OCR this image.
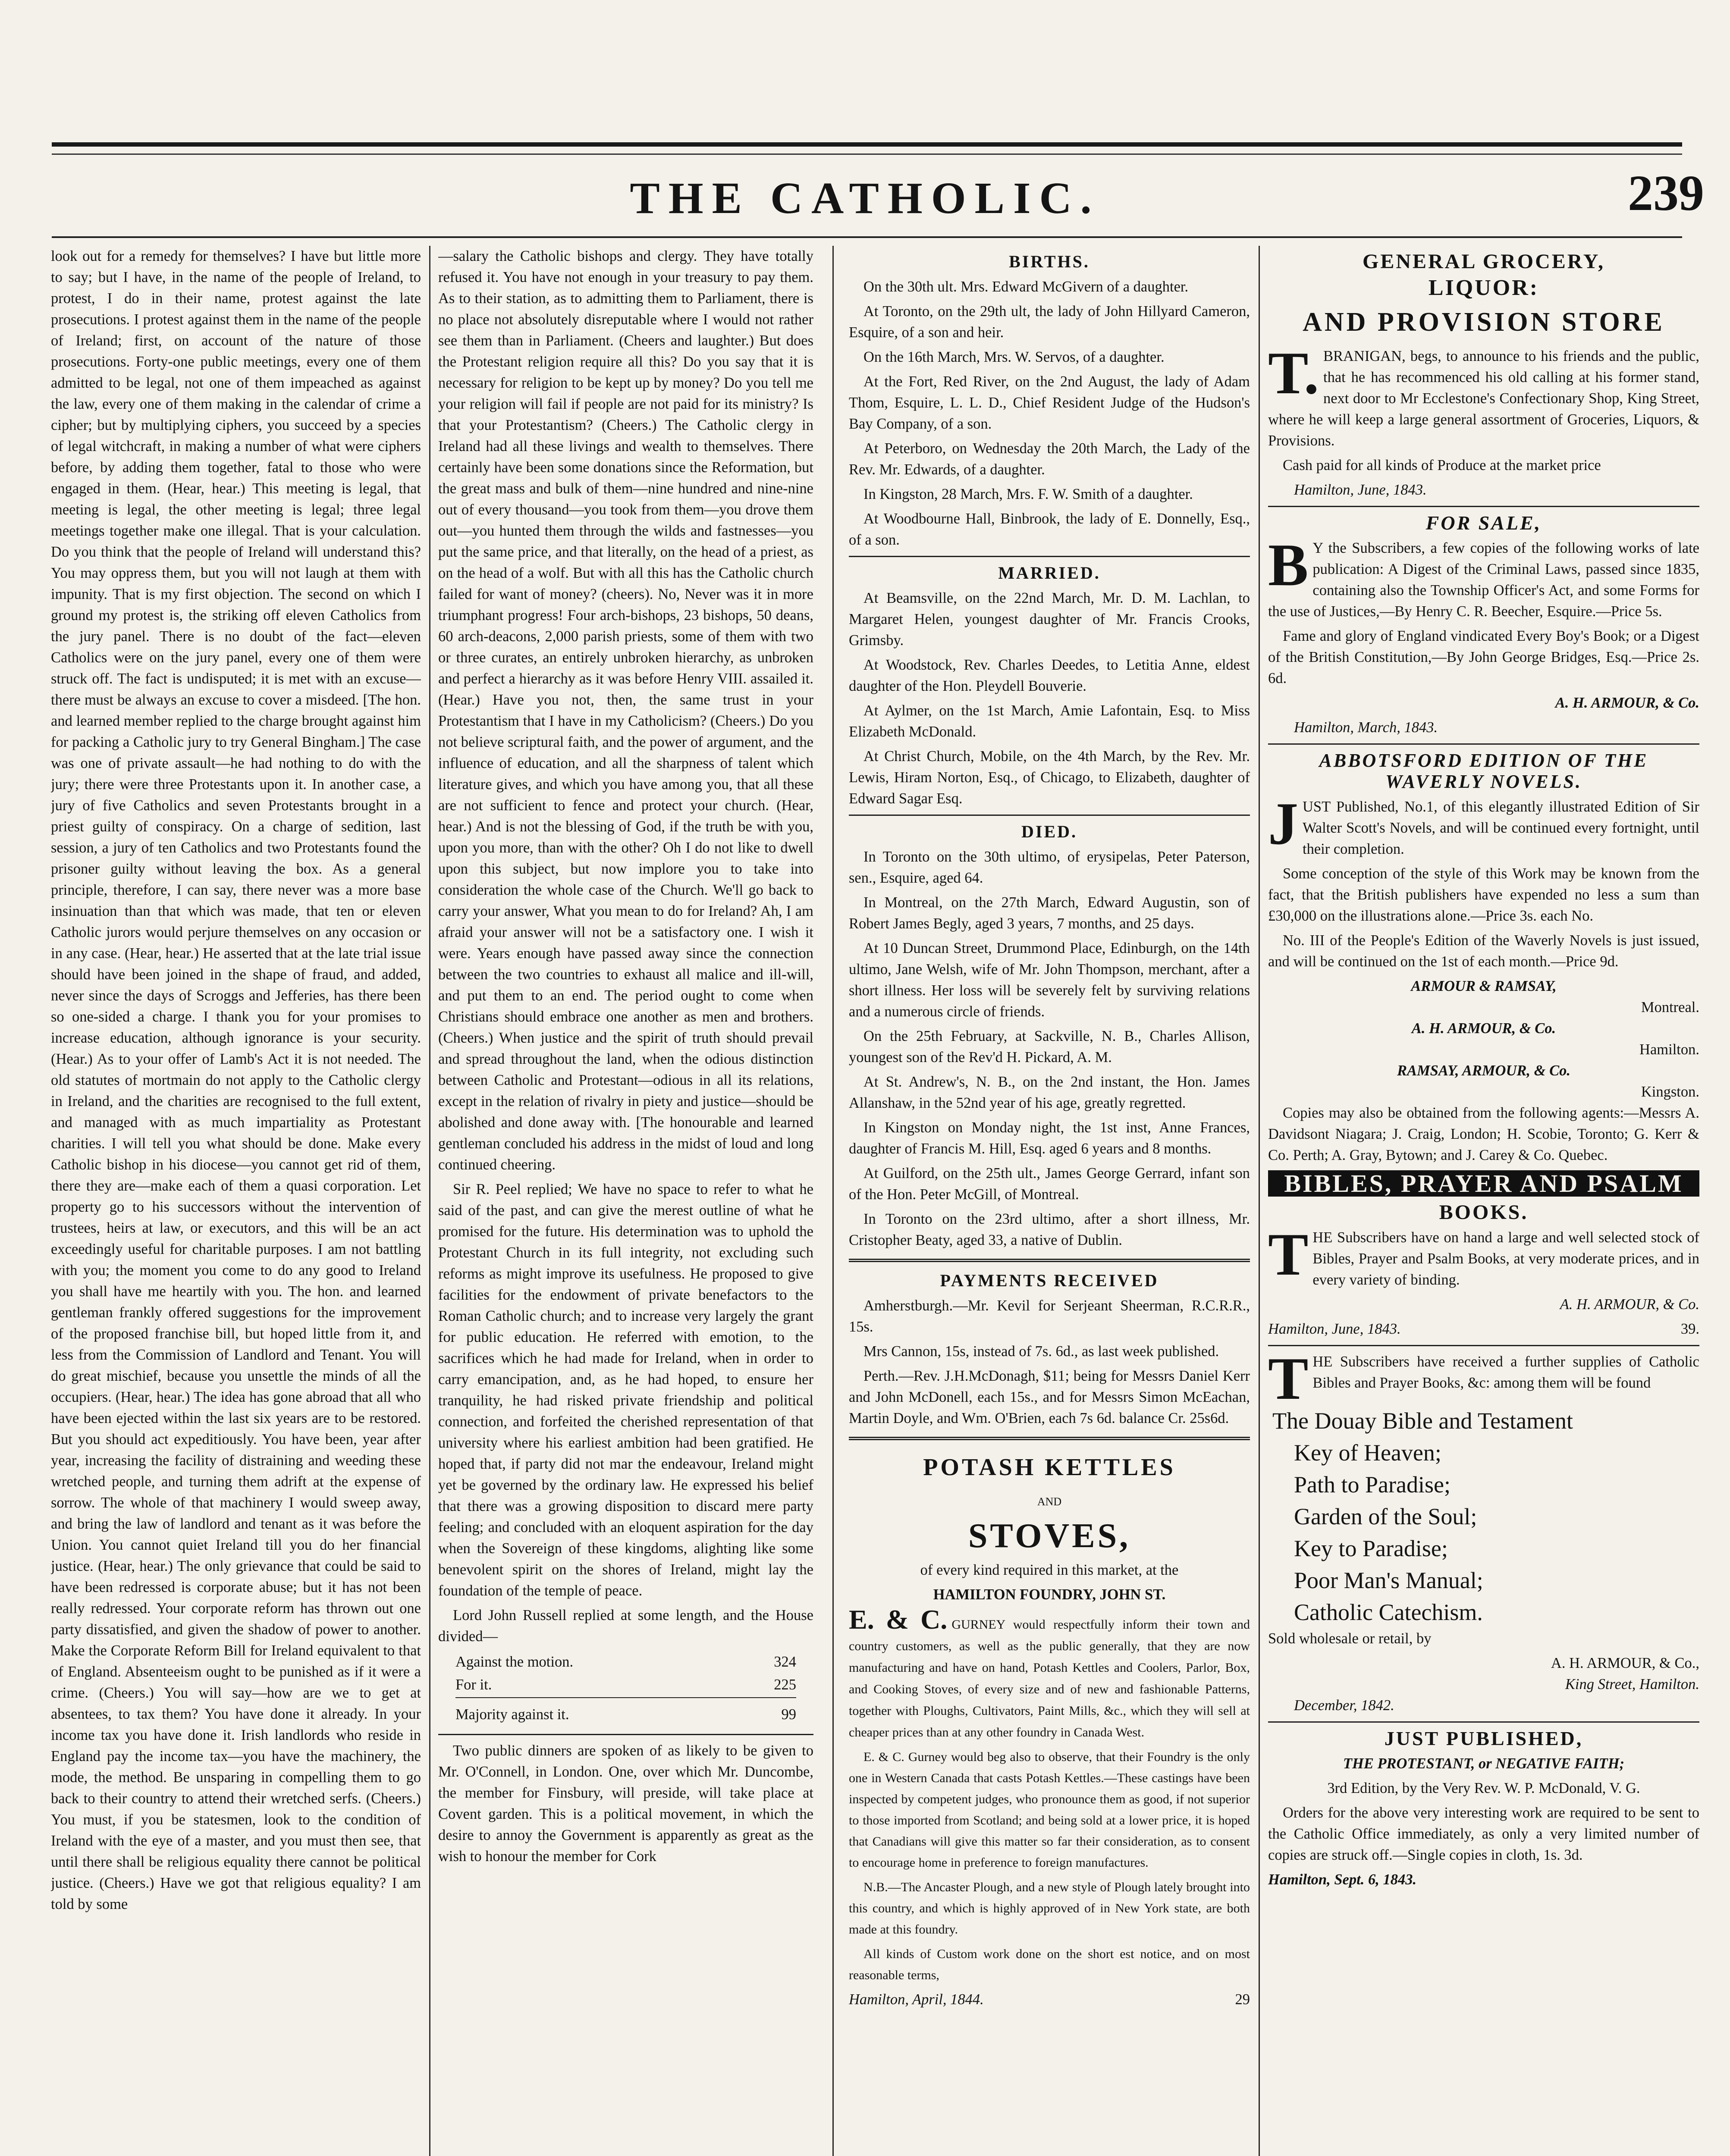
THE CATHOLIC.	239

look out for a remedy for themselves? I have but little more to say; but I have, in the name of the people of Ireland, to protest, I do in their name, protest against the late prosecutions. I protest against them in the name of the people of Ireland; first, on account of the nature of those prosecutions. Forty-one public meetings, every one of them admitted to be legal, not one of them impeached as against the law, every one of them making in the calendar of crime a cipher; but by multiplying ciphers, you succeed by a species of legal witchcraft, in making a number of what were ciphers before, by adding them together, fatal to those who were engaged in them. (Hear, hear.) This meeting is legal, that meeting is legal, the other meeting is legal; three legal meetings together make one illegal. That is your calculation. Do you think that the people of Ireland will understand this? You may oppress them, but you will not laugh at them with impunity. That is my first objection. The second on which I ground my protest is, the striking off eleven Catholics from the jury panel. There is no doubt of the fact—eleven Catholics were on the jury panel, every one of them were struck off. The fact is undisputed; it is met with an excuse—there must be always an excuse to cover a misdeed. [The hon. and learned member replied to the charge brought against him for packing a Catholic jury to try General Bingham.] The case was one of private assault—he had nothing to do with the jury; there were three Protestants upon it. In another case, a jury of five Catholics and seven Protestants brought in a priest guilty of conspiracy. On a charge of sedition, last session, a jury of ten Catholics and two Protestants found the prisoner guilty without leaving the box. As a general principle, therefore, I can say, there never was a more base insinuation than that which was made, that ten or eleven Catholic jurors would perjure themselves on any occasion or in any case. (Hear, hear.) He asserted that at the late trial issue should have been joined in the shape of fraud, and added, never since the days of Scroggs and Jefferies, has there been so one-sided a charge. I thank you for your promises to increase education, although ignorance is your security. (Hear.) As to your offer of Lamb's Act it is not needed. The old statutes of mortmain do not apply to the Catholic clergy in Ireland, and the charities are recognised to the full extent, and managed with as much impartiality as Protestant charities. I will tell you what should be done. Make every Catholic bishop in his diocese—you cannot get rid of them, there they are—make each of them a quasi corporation. Let property go to his successors without the intervention of trustees, heirs at law, or executors, and this will be an act exceedingly useful for charitable purposes. I am not battling with you; the moment you come to do any good to Ireland you shall have me heartily with you. The hon. and learned gentleman frankly offered suggestions for the improvement of the proposed franchise bill, but hoped little from it, and less from the Commission of Landlord and Tenant. You will do great mischief, because you unsettle the minds of all the occupiers. (Hear, hear.) The idea has gone abroad that all who have been ejected within the last six years are to be restored. But you should act expeditiously. You have been, year after year, increasing the facility of distraining and weeding these wretched people, and turning them adrift at the expense of sorrow. The whole of that machinery I would sweep away, and bring the law of landlord and tenant as it was before the Union. You cannot quiet Ireland till you do her financial justice. (Hear, hear.) The only grievance that could be said to have been redressed is corporate abuse; but it has not been really redressed. Your corporate reform has thrown out one party dissatisfied, and given the shadow of power to another. Make the Corporate Reform Bill for Ireland equivalent to that of England. Absenteeism ought to be punished as if it were a crime. (Cheers.) You will say—how are we to get at absentees, to tax them? You have done it already. In your income tax you have done it. Irish landlords who reside in England pay the income tax—you have the machinery, the mode, the method. Be unsparing in compelling them to go back to their country to attend their wretched serfs. (Cheers.) You must, if you be statesmen, look to the condition of Ireland with the eye of a master, and you must then see, that until there shall be religious equality there cannot be political justice. (Cheers.) Have we got that religious equality? I am told by some

—salary the Catholic bishops and clergy. They have totally refused it. You have not enough in your treasury to pay them. As to their station, as to admitting them to Parliament, there is no place not absolutely disreputable where I would not rather see them than in Parliament. (Cheers and laughter.) But does the Protestant religion require all this? Do you say that it is necessary for religion to be kept up by money? Do you tell me your religion will fail if people are not paid for its ministry? Is that your Protestantism? (Cheers.) The Catholic clergy in Ireland had all these livings and wealth to themselves. There certainly have been some donations since the Reformation, but the great mass and bulk of them—nine hundred and nine-nine out of every thousand—you took from them—you drove them out—you hunted them through the wilds and fastnesses—you put the same price, and that literally, on the head of a priest, as on the head of a wolf. But with all this has the Catholic church failed for want of money? (cheers). No, Never was it in more triumphant progress! Four arch-bishops, 23 bishops, 50 deans, 60 arch-deacons, 2,000 parish priests, some of them with two or three curates, an entirely unbroken hierarchy, as unbroken and perfect a hierarchy as it was before Henry VIII. assailed it. (Hear.) Have you not, then, the same trust in your Protestantism that I have in my Catholicism? (Cheers.) Do you not believe scriptural faith, and the power of argument, and the influence of education, and all the sharpness of talent which literature gives, and which you have among you, that all these are not sufficient to fence and protect your church. (Hear, hear.) And is not the blessing of God, if the truth be with you, upon you more, than with the other? Oh I do not like to dwell upon this subject, but now implore you to take into consideration the whole case of the Church. We'll go back to carry your answer, What you mean to do for Ireland? Ah, I am afraid your answer will not be a satisfactory one. I wish it were. Years enough have passed away since the connection between the two countries to exhaust all malice and ill-will, and put them to an end. The period ought to come when Christians should embrace one another as men and brothers. (Cheers.) When justice and the spirit of truth should prevail and spread throughout the land, when the odious distinction between Catholic and Protestant—odious in all its relations, except in the relation of rivalry in piety and justice—should be abolished and done away with. [The honourable and learned gentleman concluded his address in the midst of loud and long continued cheering.

Sir R. Peel replied; We have no space to refer to what he said of the past, and can give the merest outline of what he promised for the future. His determination was to uphold the Protestant Church in its full integrity, not excluding such reforms as might improve its usefulness. He proposed to give facilities for the endowment of private benefactors to the Roman Catholic church; and to increase very largely the grant for public education. He referred with emotion, to the sacrifices which he had made for Ireland, when in order to carry emancipation, and, as he had hoped, to ensure her tranquility, he had risked private friendship and political connection, and forfeited the cherished representation of that university where his earliest ambition had been gratified. He hoped that, if party did not mar the endeavour, Ireland might yet be governed by the ordinary law. He expressed his belief that there was a growing disposition to discard mere party feeling; and concluded with an eloquent aspiration for the day when the Sovereign of these kingdoms, alighting like some benevolent spirit on the shores of Ireland, might lay the foundation of the temple of peace.

Lord John Russell replied at some length, and the House divided—

Against the motion.	324
For it.	225
Majority against it.	99

Two public dinners are spoken of as likely to be given to Mr. O'Connell, in London. One, over which Mr. Duncombe, the member for Finsbury, will preside, will take place at Covent garden. This is a political movement, in which the desire to annoy the Government is apparently as great as the wish to honour the member for Cork

BIRTHS.

On the 30th ult. Mrs. Edward McGivern of a daughter.

At Toronto, on the 29th ult, the lady of John Hillyard Cameron, Esquire, of a son and heir.

On the 16th March, Mrs. W. Servos, of a daughter.

At the Fort, Red River, on the 2nd August, the lady of Adam Thom, Esquire, L. L. D., Chief Resident Judge of the Hudson's Bay Company, of a son.

At Peterboro, on Wednesday the 20th March, the Lady of the Rev. Mr. Edwards, of a daughter.

In Kingston, 28 March, Mrs. F. W. Smith of a daughter.

At Woodbourne Hall, Binbrook, the lady of E. Donnelly, Esq., of a son.

MARRIED.

At Beamsville, on the 22nd March, Mr. D. M. Lachlan, to Margaret Helen, youngest daughter of Mr. Francis Crooks, Grimsby.

At Woodstock, Rev. Charles Deedes, to Letitia Anne, eldest daughter of the Hon. Pleydell Bouverie.

At Aylmer, on the 1st March, Amie Lafontain, Esq. to Miss Elizabeth McDonald.

At Christ Church, Mobile, on the 4th March, by the Rev. Mr. Lewis, Hiram Norton, Esq., of Chicago, to Elizabeth, daughter of Edward Sagar Esq.

DIED.

In Toronto on the 30th ultimo, of erysipelas, Peter Paterson, sen., Esquire, aged 64.

In Montreal, on the 27th March, Edward Augustin, son of Robert James Begly, aged 3 years, 7 months, and 25 days.

At 10 Duncan Street, Drummond Place, Edinburgh, on the 14th ultimo, Jane Welsh, wife of Mr. John Thompson, merchant, after a short illness. Her loss will be severely felt by surviving relations and a numerous circle of friends.

On the 25th February, at Sackville, N. B., Charles Allison, youngest son of the Rev'd H. Pickard, A. M.

At St. Andrew's, N. B., on the 2nd instant, the Hon. James Allanshaw, in the 52nd year of his age, greatly regretted.

In Kingston on Monday night, the 1st inst, Anne Frances, daughter of Francis M. Hill, Esq. aged 6 years and 8 months.

At Guilford, on the 25th ult., James George Gerrard, infant son of the Hon. Peter McGill, of Montreal.

In Toronto on the 23rd ultimo, after a short illness, Mr. Cristopher Beaty, aged 33, a native of Dublin.

PAYMENTS RECEIVED

Amherstburgh.—Mr. Kevil for Serjeant Sheerman, R.C.R.R., 15s.

Mrs Cannon, 15s, instead of 7s. 6d., as last week published.

Perth.—Rev. J.H.McDonagh, $11; being for Messrs Daniel Kerr and John McDonell, each 15s., and for Messrs Simon McEachan, Martin Doyle, and Wm. O'Brien, each 7s 6d. balance Cr. 25s6d.

POTASH KETTLES
AND
STOVES,

of every kind required in this market, at the

HAMILTON FOUNDRY, JOHN ST.

E. & C. GURNEY would respectfully inform their town and country customers, as well as the public generally, that they are now manufacturing and have on hand, Potash Kettles and Coolers, Parlor, Box, and Cooking Stoves, of every size and of new and fashionable Patterns, together with Ploughs, Cultivators, Paint Mills, &c., which they will sell at cheaper prices than at any other foundry in Canada West.

E. & C. Gurney would beg also to observe, that their Foundry is the only one in Western Canada that casts Potash Kettles.—These castings have been inspected by competent judges, who pronounce them as good, if not superior to those imported from Scotland; and being sold at a lower price, it is hoped that Canadians will give this matter so far their consideration, as to consent to encourage home in preference to foreign manufactures.

N.B.—The Ancaster Plough, and a new style of Plough lately brought into this country, and which is highly approved of in New York state, are both made at this foundry.

All kinds of Custom work done on the short est notice, and on most reasonable terms,

Hamilton, April, 1844.	29
GENERAL GROCERY,
LIQUOR:
AND PROVISION STORE

T. BRANIGAN, begs, to announce to his friends and the public, that he has recommenced his old calling at his former stand, next door to Mr Ecclestone's Confectionary Shop, King Street, where he will keep a large general assortment of Groceries, Liquors, & Provisions.

Cash paid for all kinds of Produce at the market price

Hamilton, June, 1843.

FOR SALE,

B Y the Subscribers, a few copies of the following works of late publication: A Digest of the Criminal Laws, passed since 1835, containing also the Township Officer's Act, and some Forms for the use of Justices,—By Henry C. R. Beecher, Esquire.—Price 5s.

Fame and glory of England vindicated Every Boy's Book; or a Digest of the British Constitution,—By John George Bridges, Esq.—Price 2s. 6d.

A. H. ARMOUR, & Co.

Hamilton, March, 1843.

ABBOTSFORD EDITION OF THE WAVERLY NOVELS.

JUST Published, No.1, of this elegantly illustrated Edition of Sir Walter Scott's Novels, and will be continued every fortnight, until their completion.

Some conception of the style of this Work may be known from the fact, that the British publishers have expended no less a sum than £30,000 on the illustrations alone.—Price 3s. each No.

No. III of the People's Edition of the Waverly Novels is just issued, and will be continued on the 1st of each month.—Price 9d.

ARMOUR & RAMSAY,

Montreal.

A. H. ARMOUR, & Co.

Hamilton.

RAMSAY, ARMOUR, & Co.

Kingston.

Copies may also be obtained from the following agents:—Messrs A. Davidsont Niagara; J. Craig, London; H. Scobie, Toronto; G. Kerr & Co. Perth; A. Gray, Bytown; and J. Carey & Co. Quebec.

BIBLES, PRAYER AND PSALM
BOOKS.

THE Subscribers have on hand a large and well selected stock of Bibles, Prayer and Psalm Books, at very moderate prices, and in every variety of binding.

A. H. ARMOUR, & Co.

Hamilton, June, 1843.	39.

THE Subscribers have received a further supplies of Catholic Bibles and Prayer Books, &c: among them will be found

The Douay Bible and Testament

Key of Heaven;

Path to Paradise;

Garden of the Soul;

Key to Paradise;

Poor Man's Manual;

Catholic Catechism.

Sold wholesale or retail, by

A. H. ARMOUR, & Co.,

King Street, Hamilton.

December, 1842.

JUST PUBLISHED,

THE PROTESTANT, or NEGATIVE FAITH;

3rd Edition, by the Very Rev. W. P. McDonald, V. G.

Orders for the above very interesting work are required to be sent to the Catholic Office immediately, as only a very limited number of copies are struck off.—Single copies in cloth, 1s. 3d.

Hamilton, Sept. 6, 1843.
